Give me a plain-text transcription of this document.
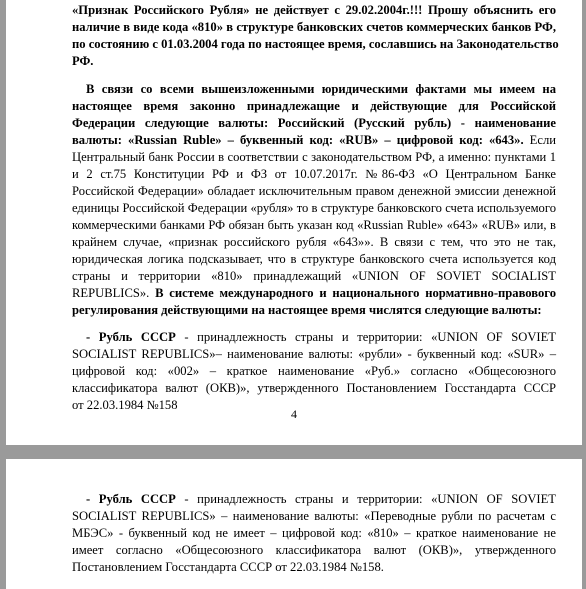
«Признак Российского Рубля» не действует с 29.02.2004г.!!! Прошу объяснить его

наличие в виде кода «810» в структуре банковских счетов коммерческих банков РФ,

по состоянию с 01.03.2004 года по настоящее время, сославшись на Законодательство

РФ.

В связи со всеми вышеизложенными юридическими фактами мы имеем на

настоящее время законно принадлежащие и действующие для Российской

Федерации следующие валюты: Российский (Русский рубль) - наименование

валюты: «Russian Ruble» – буквенный код: «RUB» – цифровой код: «643». Если

Центральный банк России в соответствии с законодательством РФ, а именно: пунктами 1

и 2 ст.75 Конституции РФ и ФЗ от 10.07.2017г. №86-ФЗ «О Центральном Банке

Российской Федерации» обладает исключительным правом денежной эмиссии денежной

единицы Российской Федерации «рубля» то в структуре банковского счета используемого

коммерческими банками РФ обязан быть указан код «Russian Ruble» «643» «RUB» или, в

крайнем случае, «признак российского рубля «643»». В связи с тем, что это не так,

юридическая логика подсказывает, что в структуре банковского счета используется код

страны и территории «810» принадлежащий «UNION OF SOVIET SOCIALIST

REPUBLICS». В системе международного и национального нормативно-правового

регулирования действующими на настоящее время числятся следующие валюты:

- Рубль СССР - принадлежность страны и территории: «UNION OF SOVIET

SOCIALIST REPUBLICS»– наименование валюты: «рубли» - буквенный код: «SUR» –

цифровой код: «002» – краткое наименование «Руб.» согласно «Общесоюзного

классификатора валют (ОКВ)», утвержденного Постановлением Госстандарта СССР

от 22.03.1984 №158

4

- Рубль СССР - принадлежность страны и территории: «UNION OF SOVIET

SOCIALIST REPUBLICS» – наименование валюты: «Переводные рубли по расчетам с

МБЭС» - буквенный код не имеет – цифровой код: «810» – краткое наименование не

имеет согласно «Общесоюзного классификатора валют (ОКВ)», утвержденного

Постановлением Госстандарта СССР от 22.03.1984 №158.
